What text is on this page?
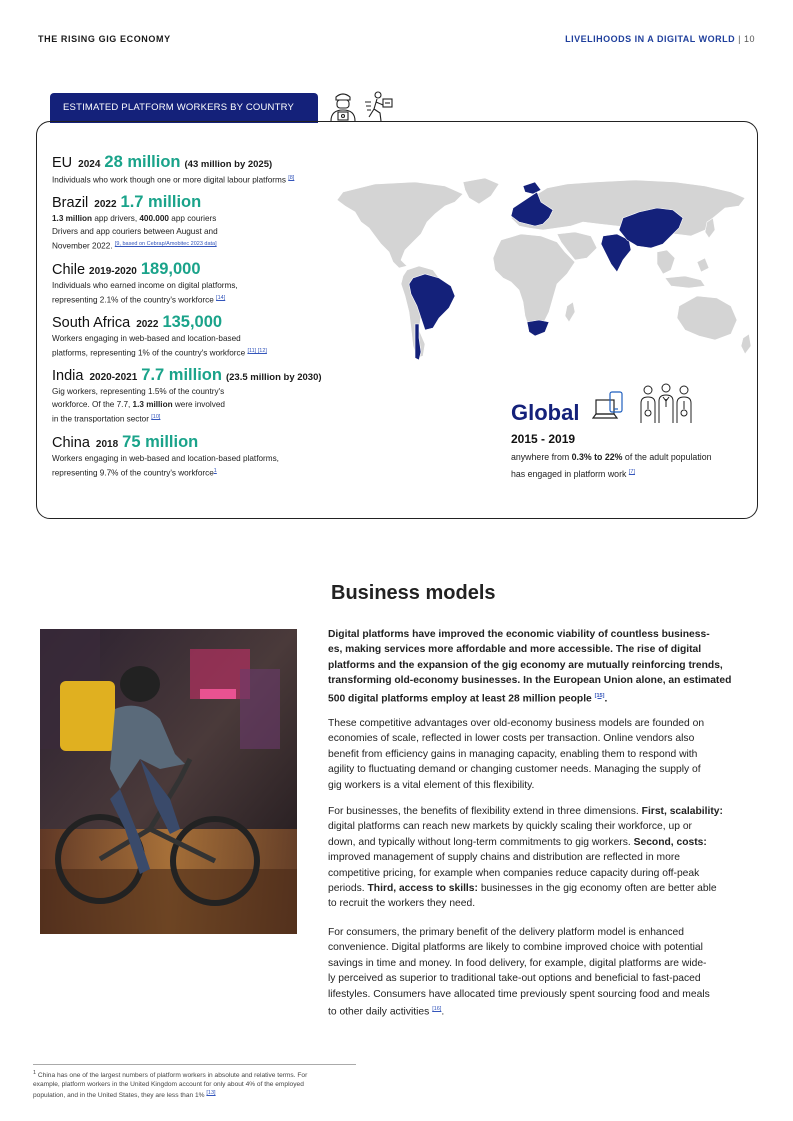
THE RISING GIG ECONOMY	LIVELIHOODS IN A DIGITAL WORLD | 10
ESTIMATED PLATFORM WORKERS BY COUNTRY
EU 2024 28 million (43 million by 2025)
Individuals who work though one or more digital labour platforms [8]
Brazil 2022 1.7 million
1.3 million app drivers, 400.000 app couriers
Drivers and app couriers between August and
November 2022. [9, based on Cebrap/Amobitec 2023 data]
Chile 2019-2020 189,000
Individuals who earned income on digital platforms,
representing 2.1% of the country's workforce [14]
South Africa 2022 135,000
Workers engaging in web-based and location-based
platforms, representing 1% of the country's workforce [11] [12]
India 2020-2021 7.7 million (23.5 million by 2030)
Gig workers, representing 1.5% of the country's
workforce. Of the 7.7, 1.3 million were involved
in the transportation sector [10]
China 2018 75 million
Workers engaging in web-based and location-based platforms,
representing 9.7% of the country's workforce$^1$
Global
2015 - 2019
anywhere from 0.3% to 22% of the adult population
has engaged in platform work [7]
Business models
Digital platforms have improved the economic viability of countless business-
es, making services more affordable and more accessible. The rise of digital
platforms and the expansion of the gig economy are mutually reinforcing trends,
transforming old-economy businesses. In the European Union alone, an estimated
500 digital platforms employ at least 28 million people [15].
These competitive advantages over old-economy business models are founded on
economies of scale, reflected in lower costs per transaction. Online vendors also
benefit from efficiency gains in managing capacity, enabling them to respond with
agility to fluctuating demand or changing customer needs. Managing the supply of
gig workers is a vital element of this flexibility.
For businesses, the benefits of flexibility extend in three dimensions. First, scalability:
digital platforms can reach new markets by quickly scaling their workforce, up or
down, and typically without long-term commitments to gig workers. Second, costs:
improved management of supply chains and distribution are reflected in more
competitive pricing, for example when companies reduce capacity during off-peak
periods. Third, access to skills: businesses in the gig economy often are better able
to recruit the workers they need.
For consumers, the primary benefit of the delivery platform model is enhanced
convenience. Digital platforms are likely to combine improved choice with potential
savings in time and money. In food delivery, for example, digital platforms are wide-
ly perceived as superior to traditional take-out options and beneficial to fast-paced
lifestyles. Consumers have allocated time previously spent sourcing food and meals
to other daily activities [16].
$^1$ China has one of the largest numbers of platform workers in absolute and relative terms. For
example, platform workers in the United Kingdom account for only about 4% of the employed
population, and in the United States, they are less than 1% [13]
